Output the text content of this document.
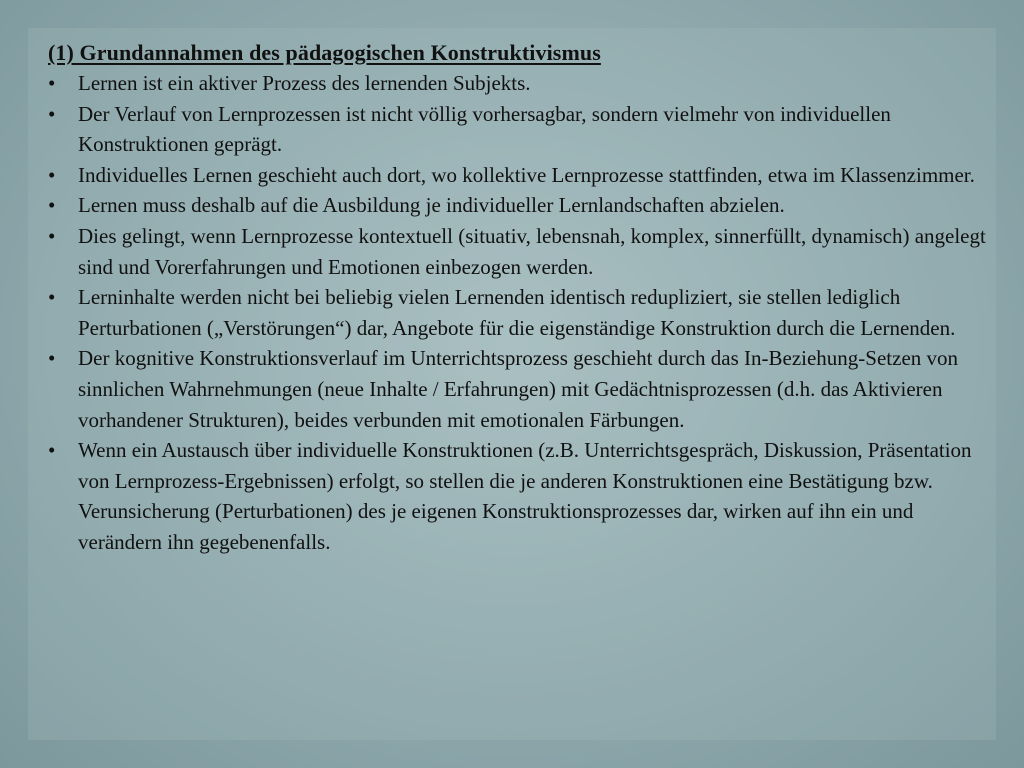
(1) Grundannahmen des pädagogischen Konstruktivismus
•	Lernen ist ein aktiver Prozess des lernenden Subjekts.
•	Der Verlauf von Lernprozessen ist nicht völlig vorhersagbar, sondern vielmehr von individuellen Konstruktionen geprägt.
•	Individuelles Lernen geschieht auch dort, wo kollektive Lernprozesse stattfinden, etwa im Klassenzimmer.
•	Lernen muss deshalb auf die Ausbildung je individueller Lernlandschaften abzielen.
•	Dies gelingt, wenn Lernprozesse kontextuell (situativ, lebensnah, komplex, sinnerfüllt, dynamisch) angelegt sind und Vorerfahrungen und Emotionen einbezogen werden.
•	Lerninhalte werden nicht bei beliebig vielen Lernenden identisch redupliziert, sie stellen lediglich Perturbationen („Verstörungen“) dar, Angebote für die eigenständige Konstruktion durch die Lernenden.
•	Der kognitive Konstruktionsverlauf im Unterrichtsprozess geschieht durch das In-Beziehung-Setzen von sinnlichen Wahrnehmungen (neue Inhalte / Erfahrungen) mit Gedächtnisprozessen (d.h. das Aktivieren vorhandener Strukturen), beides verbunden mit emotionalen Färbungen.
•	Wenn ein Austausch über individuelle Konstruktionen (z.B. Unterrichtsgespräch, Diskussion, Präsentation von Lernprozess-Ergebnissen) erfolgt, so stellen die je anderen Konstruktionen eine Bestätigung bzw. Verunsicherung (Perturbationen) des je eigenen Konstruktionsprozesses dar, wirken auf ihn ein und verändern ihn gegebenenfalls.
